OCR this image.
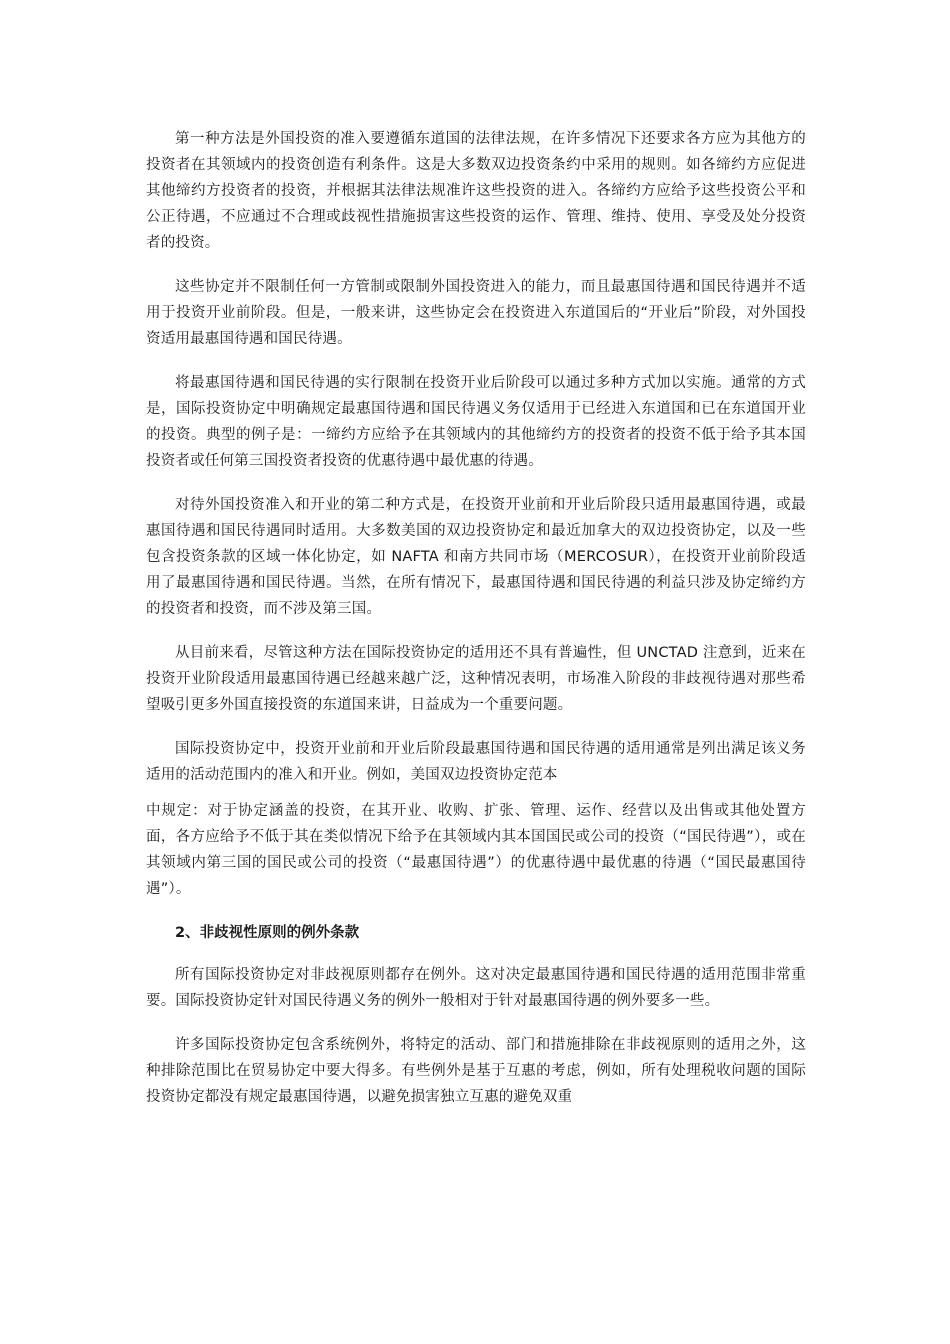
第一种方法是外国投资的准入要遵循东道国的法律法规，在许多情况下还要求各方应为其他方的投资者在其领域内的投资创造有利条件。这是大多数双边投资条约中采用的规则。如各缔约方应促进其他缔约方投资者的投资，并根据其法律法规准许这些投资的进入。各缔约方应给予这些投资公平和公正待遇，不应通过不合理或歧视性措施损害这些投资的运作、管理、维持、使用、享受及处分投资者的投资。

这些协定并不限制任何一方管制或限制外国投资进入的能力，而且最惠国待遇和国民待遇并不适用于投资开业前阶段。但是，一般来讲，这些协定会在投资进入东道国后的“开业后”阶段，对外国投资适用最惠国待遇和国民待遇。

将最惠国待遇和国民待遇的实行限制在投资开业后阶段可以通过多种方式加以实施。通常的方式是，国际投资协定中明确规定最惠国待遇和国民待遇义务仅适用于已经进入东道国和已在东道国开业的投资。典型的例子是：一缔约方应给予在其领域内的其他缔约方的投资者的投资不低于给予其本国投资者或任何第三国投资者投资的优惠待遇中最优惠的待遇。

对待外国投资准入和开业的第二种方式是，在投资开业前和开业后阶段只适用最惠国待遇，或最惠国待遇和国民待遇同时适用。大多数美国的双边投资协定和最近加拿大的双边投资协定，以及一些包含投资条款的区域一体化协定，如 NAFTA 和南方共同市场（MERCOSUR），在投资开业前阶段适用了最惠国待遇和国民待遇。当然，在所有情况下，最惠国待遇和国民待遇的利益只涉及协定缔约方的投资者和投资，而不涉及第三国。

从目前来看，尽管这种方法在国际投资协定的适用还不具有普遍性，但 UNCTAD 注意到，近来在投资开业阶段适用最惠国待遇已经越来越广泛，这种情况表明，市场准入阶段的非歧视待遇对那些希望吸引更多外国直接投资的东道国来讲，日益成为一个重要问题。

国际投资协定中，投资开业前和开业后阶段最惠国待遇和国民待遇的适用通常是列出满足该义务适用的活动范围内的准入和开业。例如，美国双边投资协定范本

中规定：对于协定涵盖的投资，在其开业、收购、扩张、管理、运作、经营以及出售或其他处置方面，各方应给予不低于其在类似情况下给予在其领域内其本国国民或公司的投资（“国民待遇”），或在其领域内第三国的国民或公司的投资（“最惠国待遇”）的优惠待遇中最优惠的待遇（“国民最惠国待遇”）。

2、非歧视性原则的例外条款

所有国际投资协定对非歧视原则都存在例外。这对决定最惠国待遇和国民待遇的适用范围非常重要。国际投资协定针对国民待遇义务的例外一般相对于针对最惠国待遇的例外要多一些。

许多国际投资协定包含系统例外，将特定的活动、部门和措施排除在非歧视原则的适用之外，这种排除范围比在贸易协定中要大得多。有些例外是基于互惠的考虑，例如，所有处理税收问题的国际投资协定都没有规定最惠国待遇，以避免损害独立互惠的避免双重
